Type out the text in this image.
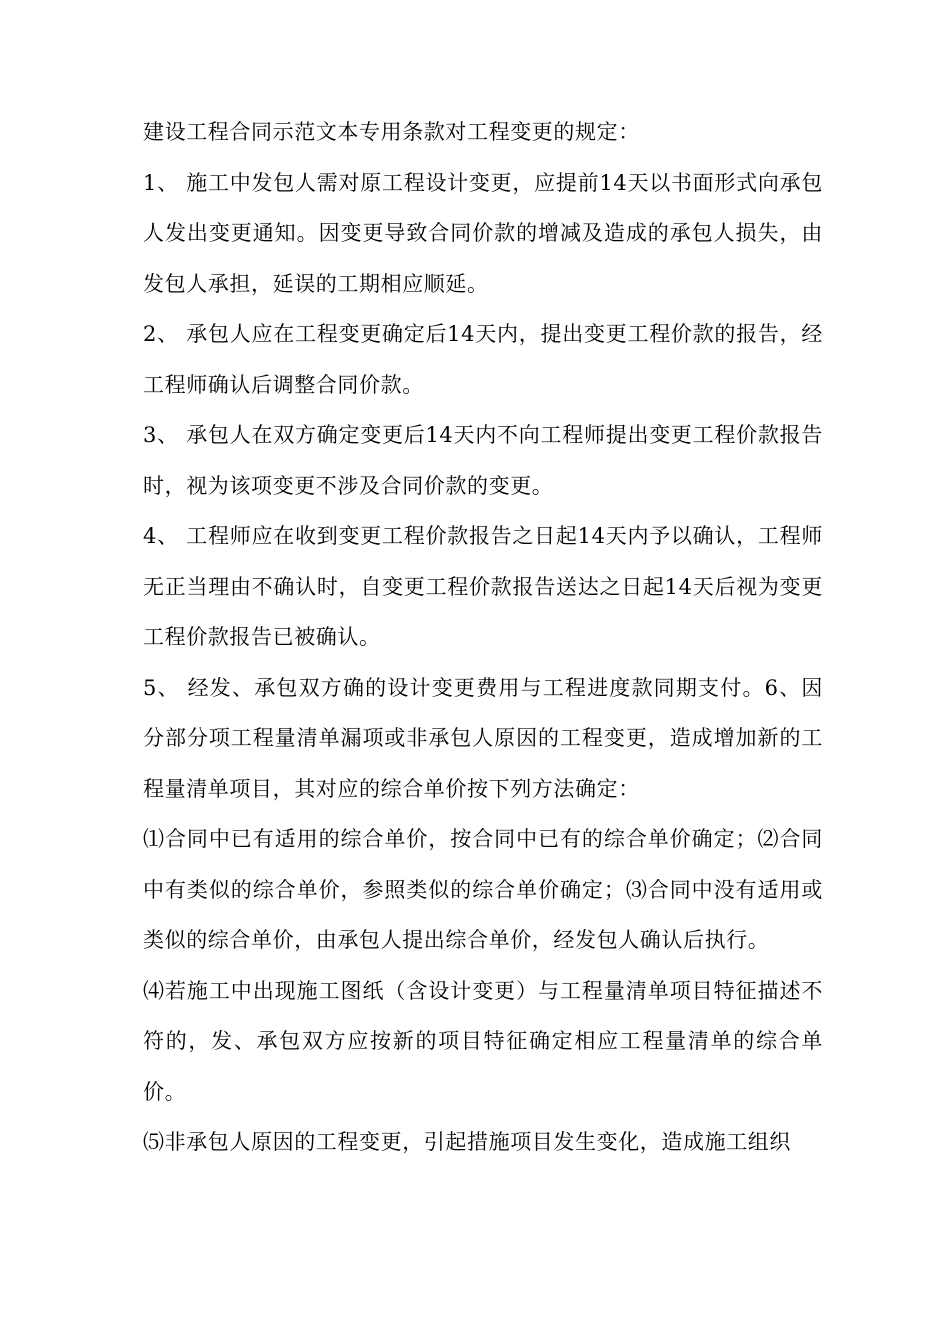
建设工程合同示范文本专用条款对工程变更的规定：

1、 施工中发包人需对原工程设计变更，应提前14天以书面形式向承包人发出变更通知。因变更导致合同价款的增减及造成的承包人损失，由发包人承担，延误的工期相应顺延。

2、 承包人应在工程变更确定后14天内，提出变更工程价款的报告，经工程师确认后调整合同价款。

3、 承包人在双方确定变更后14天内不向工程师提出变更工程价款报告时，视为该项变更不涉及合同价款的变更。

4、 工程师应在收到变更工程价款报告之日起14天内予以确认，工程师无正当理由不确认时，自变更工程价款报告送达之日起14天后视为变更工程价款报告已被确认。

5、 经发、承包双方确的设计变更费用与工程进度款同期支付。6、因分部分项工程量清单漏项或非承包人原因的工程变更，造成增加新的工程量清单项目，其对应的综合单价按下列方法确定：

⑴合同中已有适用的综合单价，按合同中已有的综合单价确定；⑵合同中有类似的综合单价，参照类似的综合单价确定；⑶合同中没有适用或类似的综合单价，由承包人提出综合单价，经发包人确认后执行。

⑷若施工中出现施工图纸（含设计变更）与工程量清单项目特征描述不符的，发、承包双方应按新的项目特征确定相应工程量清单的综合单价。

⑸非承包人原因的工程变更，引起措施项目发生变化，造成施工组织
